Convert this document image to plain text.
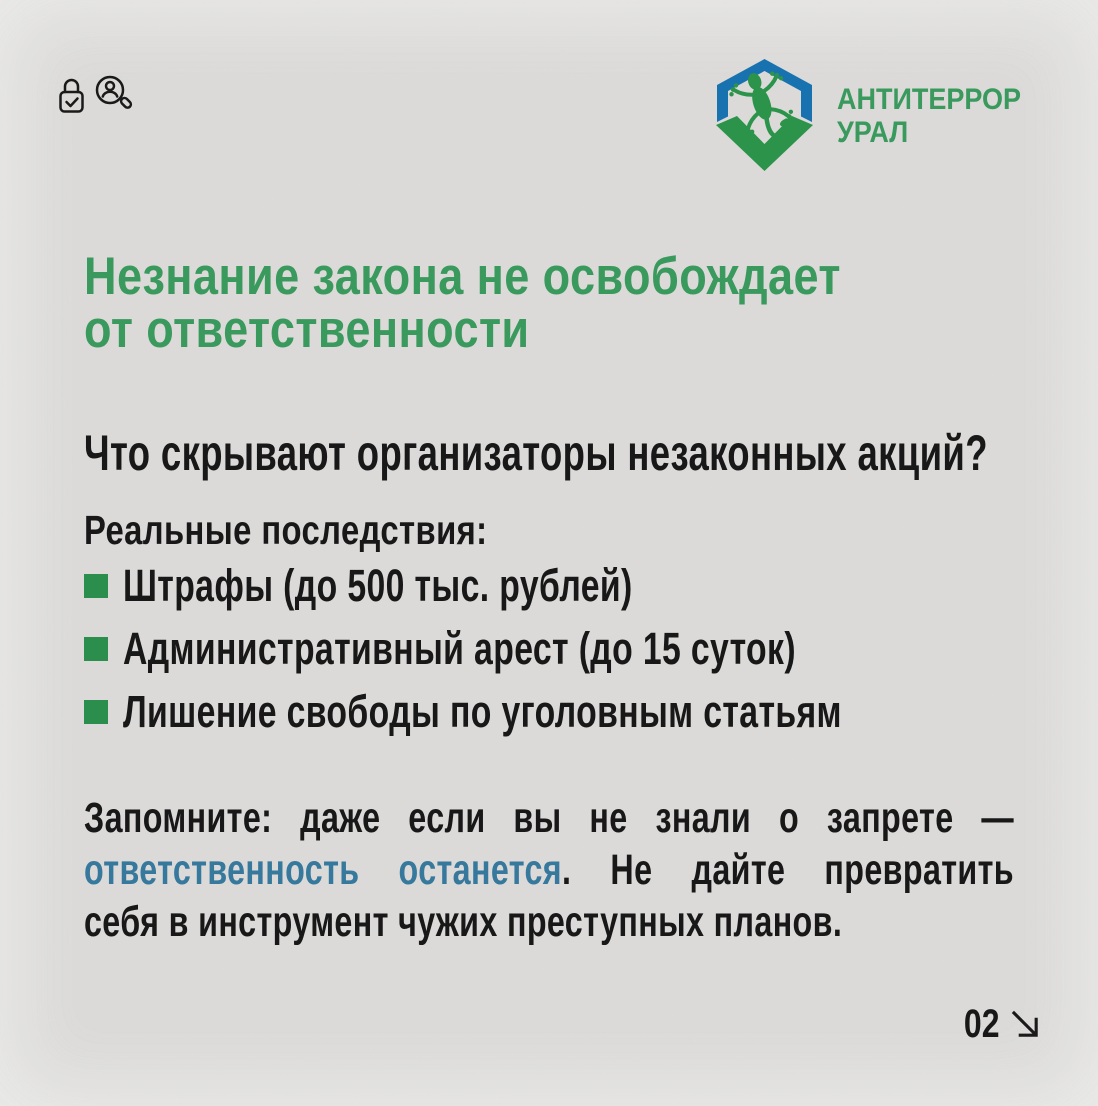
АНТИТЕРРОР
УРАЛ
Незнание закона не освобождает
от ответственности
Что скрывают организаторы незаконных акций?
Реальные последствия:
Штрафы (до 500 тыс. рублей)
Административный арест (до 15 суток)
Лишение свободы по уголовным статьям
Запомните: даже если вы не знали о запрете —
ответственность останется. Не дайте превратить
себя в инструмент чужих преступных планов.
02
